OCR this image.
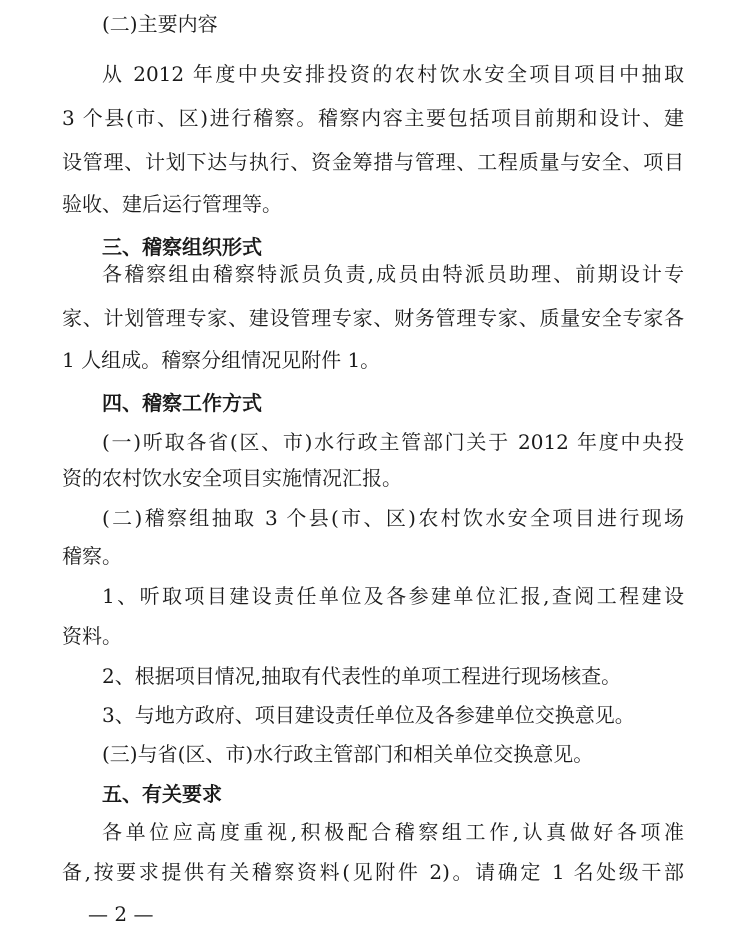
(二)主要内容
从 2012 年度中央安排投资的农村饮水安全项目项目中抽取
3 个县(市、区)进行稽察。稽察内容主要包括项目前期和设计、建
设管理、计划下达与执行、资金筹措与管理、工程质量与安全、项目
验收、建后运行管理等。
三、稽察组织形式
各稽察组由稽察特派员负责,成员由特派员助理、前期设计专
家、计划管理专家、建设管理专家、财务管理专家、质量安全专家各
1 人组成。稽察分组情况见附件 1。
四、稽察工作方式
(一)听取各省(区、市)水行政主管部门关于 2012 年度中央投
资的农村饮水安全项目实施情况汇报。
(二)稽察组抽取 3 个县(市、区)农村饮水安全项目进行现场
稽察。
1、听取项目建设责任单位及各参建单位汇报,查阅工程建设
资料。
2、根据项目情况,抽取有代表性的单项工程进行现场核查。
3、与地方政府、项目建设责任单位及各参建单位交换意见。
(三)与省(区、市)水行政主管部门和相关单位交换意见。
五、有关要求
各单位应高度重视,积极配合稽察组工作,认真做好各项准
备,按要求提供有关稽察资料(见附件 2)。请确定 1 名处级干部
— 2 —
